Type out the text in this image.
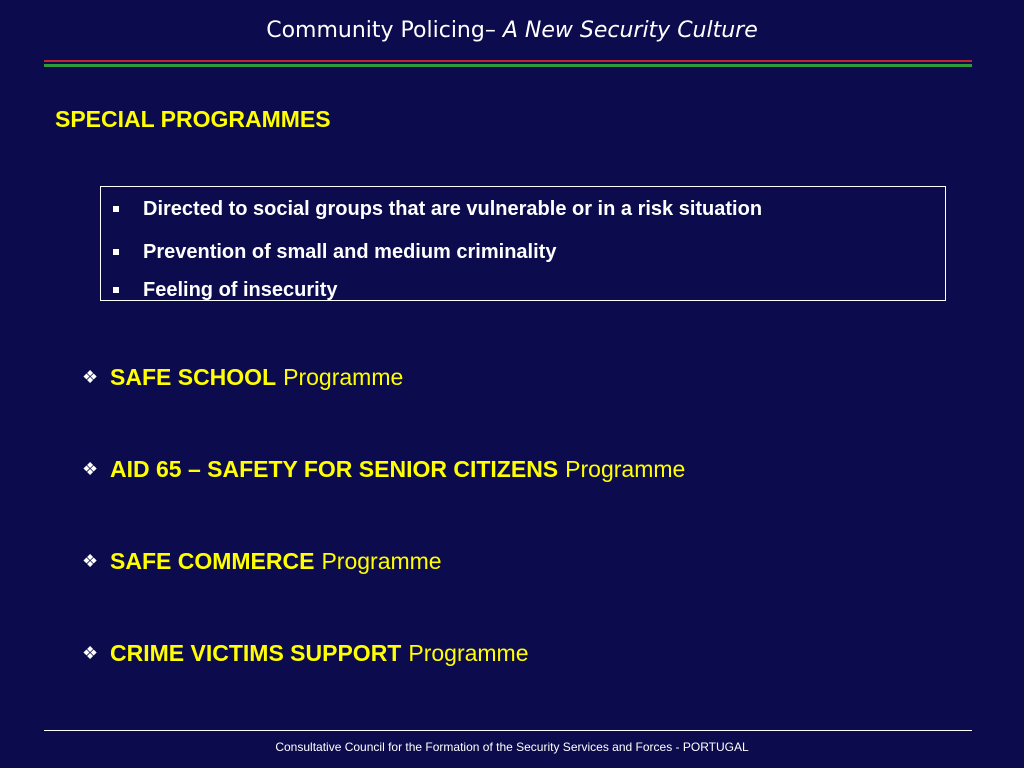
Community Policing– A New Security Culture
SPECIAL PROGRAMMES
Directed to social groups that are vulnerable or in a risk situation
Prevention of small and medium criminality
Feeling of insecurity
❖ SAFE SCHOOL Programme
❖ AID 65 – SAFETY FOR SENIOR CITIZENS Programme
❖ SAFE COMMERCE Programme
❖ CRIME VICTIMS SUPPORT Programme
Consultative Council for the Formation of the Security Services and Forces - PORTUGAL
